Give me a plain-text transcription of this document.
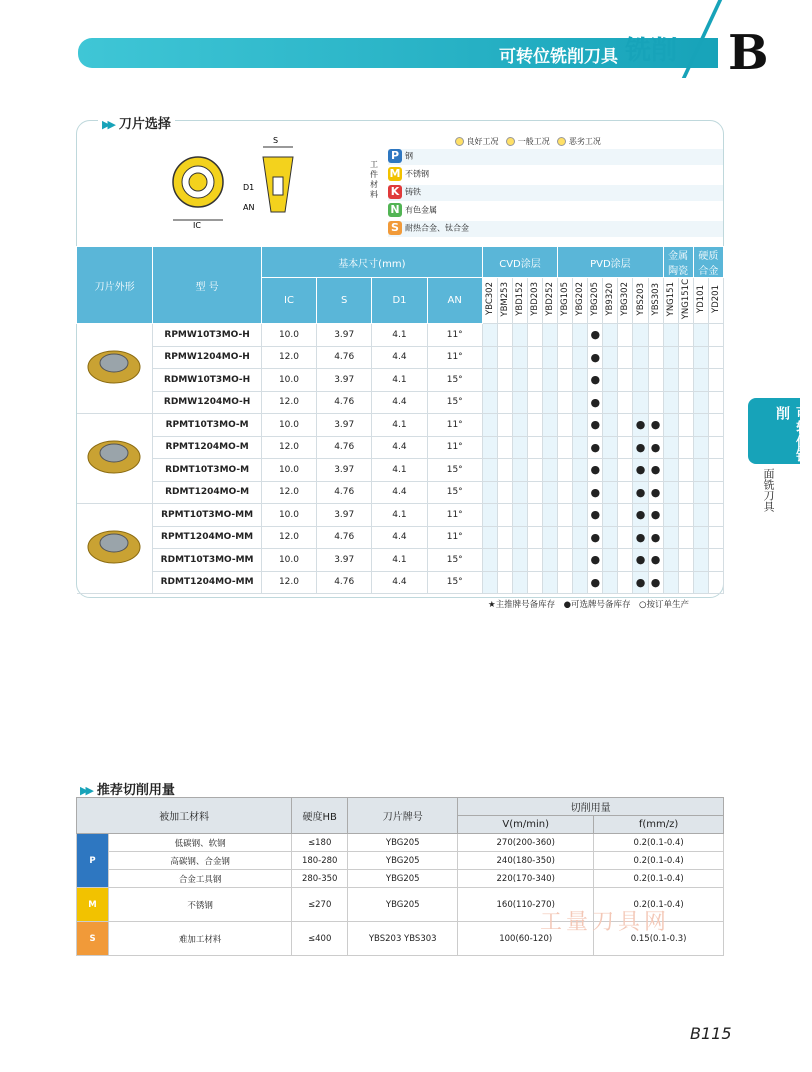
可转位铣削刀具 铣削 B
▶▶ 刀片选择
IC
S
D1
AN
良好工况 一般工况 恶劣工况
工件材料
P 钢
M 不锈钢
K 铸铁
N 有色金属
S 耐热合金、钛合金
刀片外形	型 号	基本尺寸(mm)				CVD涂层					PVD涂层							金属陶瓷		硬质合金	
		IC	S	D1	AN	YBC302	YBM253	YBD152	YBD203	YBD252	YBG105	YBG202	YBG205	YB9320	YBG302	YBS203	YBS303	YNG151	YNG151C	YD101	YD201
	RPMW10T3MO-H	10.0	3.97	4.1	11°								●								
	RPMW1204MO-H	12.0	4.76	4.4	11°								●								
	RDMW10T3MO-H	10.0	3.97	4.1	15°								●								
	RDMW1204MO-H	12.0	4.76	4.4	15°								●								
	RPMT10T3MO-M	10.0	3.97	4.1	11°								●			●	●				
	RPMT1204MO-M	12.0	4.76	4.4	11°								●			●	●				
	RDMT10T3MO-M	10.0	3.97	4.1	15°								●			●	●				
	RDMT1204MO-M	12.0	4.76	4.4	15°								●			●	●				
	RPMT10T3MO-MM	10.0	3.97	4.1	11°								●			●	●				
	RPMT1204MO-MM	12.0	4.76	4.4	11°								●			●	●				
	RDMT10T3MO-MM	10.0	3.97	4.1	15°								●			●	●				
	RDMT1204MO-MM	12.0	4.76	4.4	15°								●			●	●				
★主推牌号备库存　●可选牌号备库存　○按订单生产
可转位铣削
面铣刀具
▶▶ 推荐切削用量
被加工材料		硬度HB	刀片牌号	切削用量	
				V(m/min)	f(mm/z)
P	低碳钢、软钢	≤180	YBG205	270(200-360)	0.2(0.1-0.4)
	高碳钢、合金钢	180-280	YBG205	240(180-350)	0.2(0.1-0.4)
	合金工具钢	280-350	YBG205	220(170-340)	0.2(0.1-0.4)
M	不锈钢	≤270	YBG205	160(110-270)	0.2(0.1-0.4)
S	难加工材料	≤400	YBS203 YBS303	100(60-120)	0.15(0.1-0.3)
工量刀具网
B115
